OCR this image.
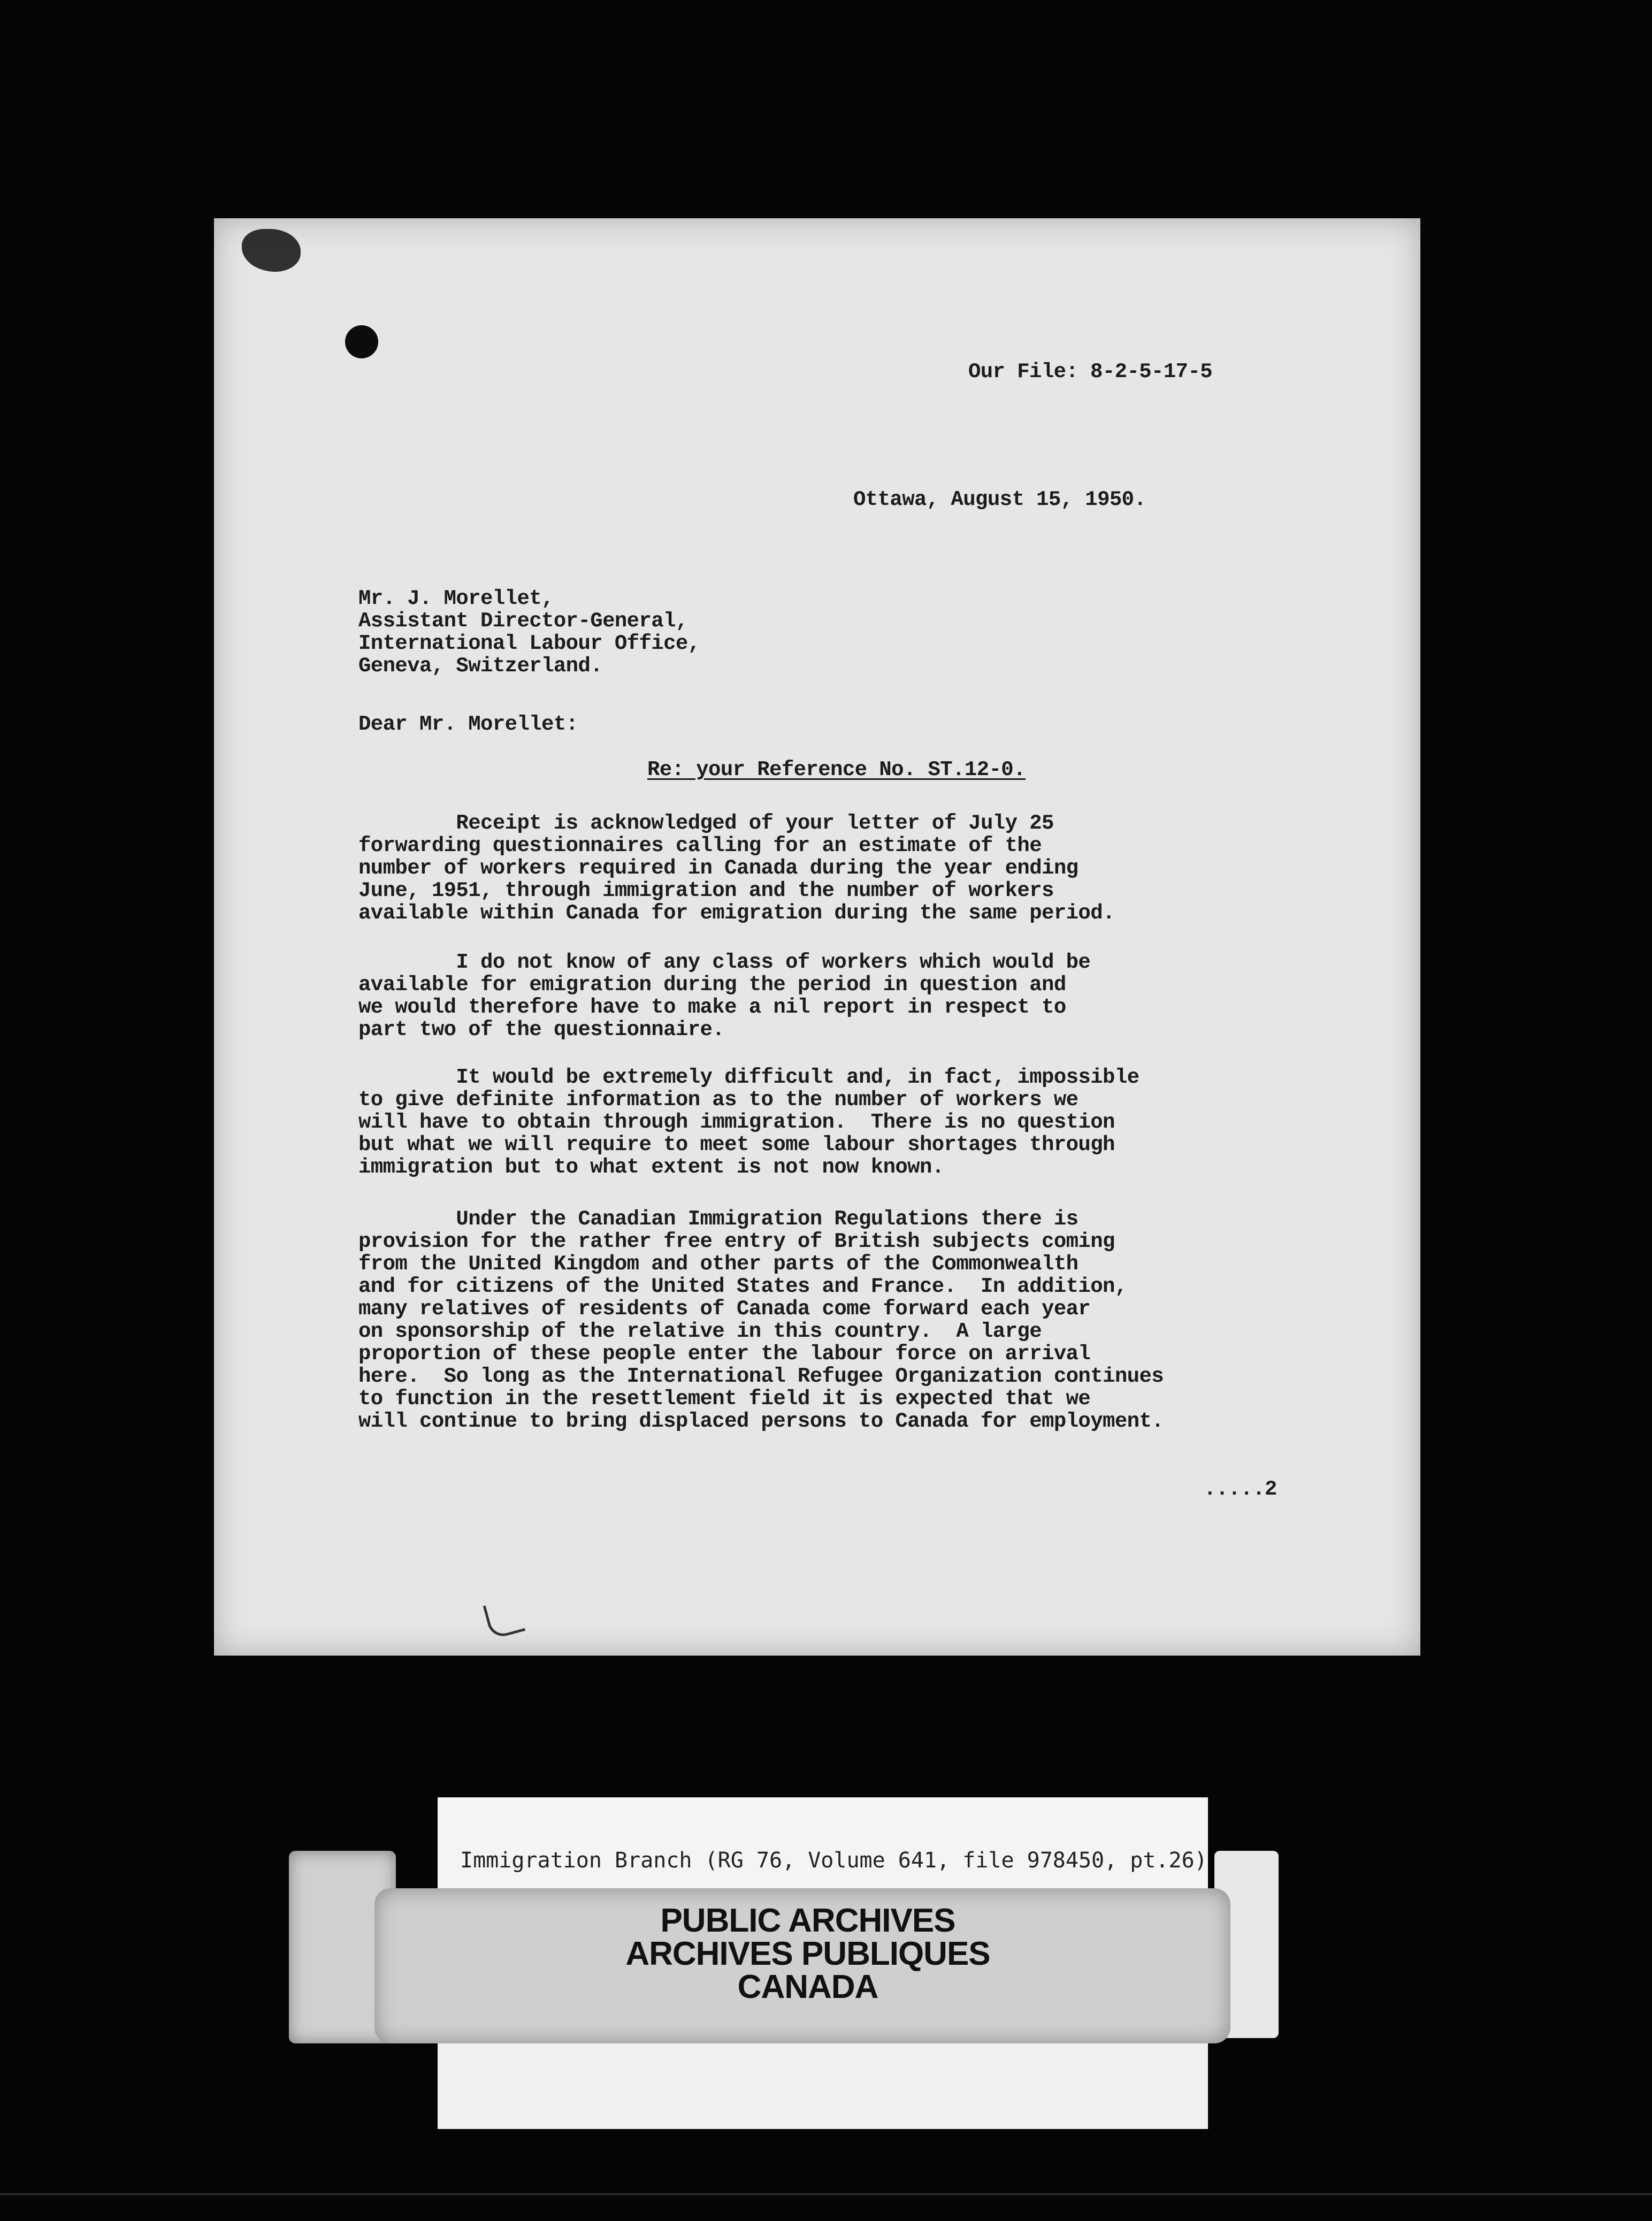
Our File: 8-2-5-17-5
Ottawa, August 15, 1950.
Mr. J. Morellet,
Assistant Director-General,
International Labour Office,
Geneva, Switzerland.
Dear Mr. Morellet:
Re: your Reference No. ST.12-0.
Receipt is acknowledged of your letter of July 25
forwarding questionnaires calling for an estimate of the
number of workers required in Canada during the year ending
June, 1951, through immigration and the number of workers
available within Canada for emigration during the same period.
I do not know of any class of workers which would be
available for emigration during the period in question and
we would therefore have to make a nil report in respect to
part two of the questionnaire.
It would be extremely difficult and, in fact, impossible
to give definite information as to the number of workers we
will have to obtain through immigration.  There is no question
but what we will require to meet some labour shortages through
immigration but to what extent is not now known.
Under the Canadian Immigration Regulations there is
provision for the rather free entry of British subjects coming
from the United Kingdom and other parts of the Commonwealth
and for citizens of the United States and France.  In addition,
many relatives of residents of Canada come forward each year
on sponsorship of the relative in this country.  A large
proportion of these people enter the labour force on arrival
here.  So long as the International Refugee Organization continues
to function in the resettlement field it is expected that we
will continue to bring displaced persons to Canada for employment.
.....2
Immigration Branch (RG 76, Volume 641, file 978450, pt.26)
PUBLIC ARCHIVES
ARCHIVES PUBLIQUES
CANADA
